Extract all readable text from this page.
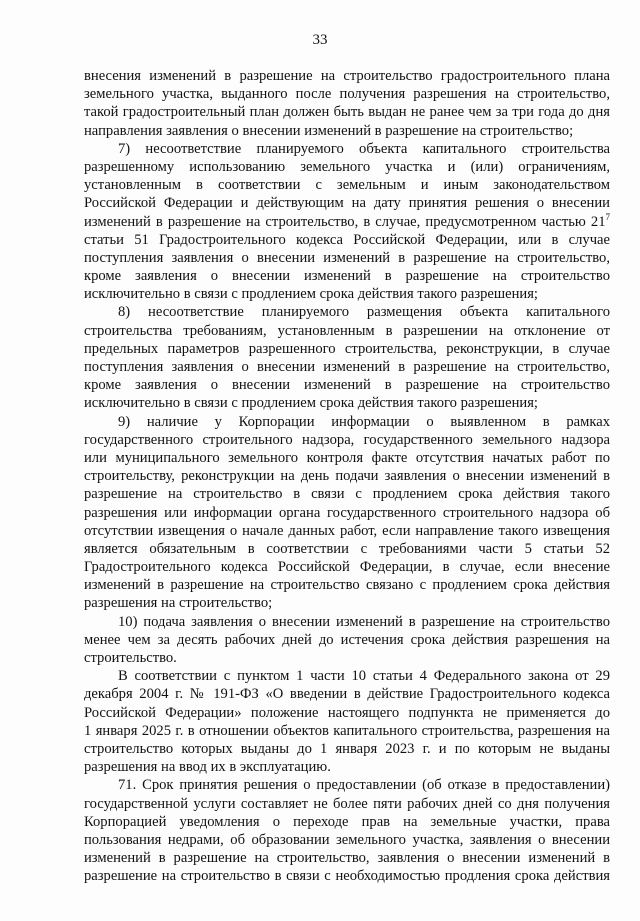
33
внесения изменений в разрешение на строительство градостроительного плана
земельного участка, выданного после получения разрешения на строительство,
такой градостроительный план должен быть выдан не ранее чем за три года до дня
направления заявления о внесении изменений в разрешение на строительство;
7) несоответствие планируемого объекта капитального строительства
разрешенному использованию земельного участка и (или) ограничениям,
установленным в соответствии с земельным и иным законодательством
Российской Федерации и действующим на дату принятия решения о внесении
изменений в разрешение на строительство, в случае, предусмотренном частью $21^7$
статьи 51 Градостроительного кодекса Российской Федерации, или в случае
поступления заявления о внесении изменений в разрешение на строительство,
кроме заявления о внесении изменений в разрешение на строительство
исключительно в связи с продлением срока действия такого разрешения;
8) несоответствие планируемого размещения объекта капитального
строительства требованиям, установленным в разрешении на отклонение от
предельных параметров разрешенного строительства, реконструкции, в случае
поступления заявления о внесении изменений в разрешение на строительство,
кроме заявления о внесении изменений в разрешение на строительство
исключительно в связи с продлением срока действия такого разрешения;
9) наличие у Корпорации информации о выявленном в рамках
государственного строительного надзора, государственного земельного надзора
или муниципального земельного контроля факте отсутствия начатых работ по
строительству, реконструкции на день подачи заявления о внесении изменений в
разрешение на строительство в связи с продлением срока действия такого
разрешения или информации органа государственного строительного надзора об
отсутствии извещения о начале данных работ, если направление такого извещения
является обязательным в соответствии с требованиями части 5 статьи 52
Градостроительного кодекса Российской Федерации, в случае, если внесение
изменений в разрешение на строительство связано с продлением срока действия
разрешения на строительство;
10) подача заявления о внесении изменений в разрешение на строительство
менее чем за десять рабочих дней до истечения срока действия разрешения на
строительство.
В соответствии с пунктом 1 части 10 статьи 4 Федерального закона от 29
декабря 2004 г. № 191-ФЗ «О введении в действие Градостроительного кодекса
Российской Федерации» положение настоящего подпункта не применяется до
1 января 2025 г. в отношении объектов капитального строительства, разрешения на
строительство которых выданы до 1 января 2023 г. и по которым не выданы
разрешения на ввод их в эксплуатацию.
71. Срок принятия решения о предоставлении (об отказе в предоставлении)
государственной услуги составляет не более пяти рабочих дней со дня получения
Корпорацией уведомления о переходе прав на земельные участки, права
пользования недрами, об образовании земельного участка, заявления о внесении
изменений в разрешение на строительство, заявления о внесении изменений в
разрешение на строительство в связи с необходимостью продления срока действия
